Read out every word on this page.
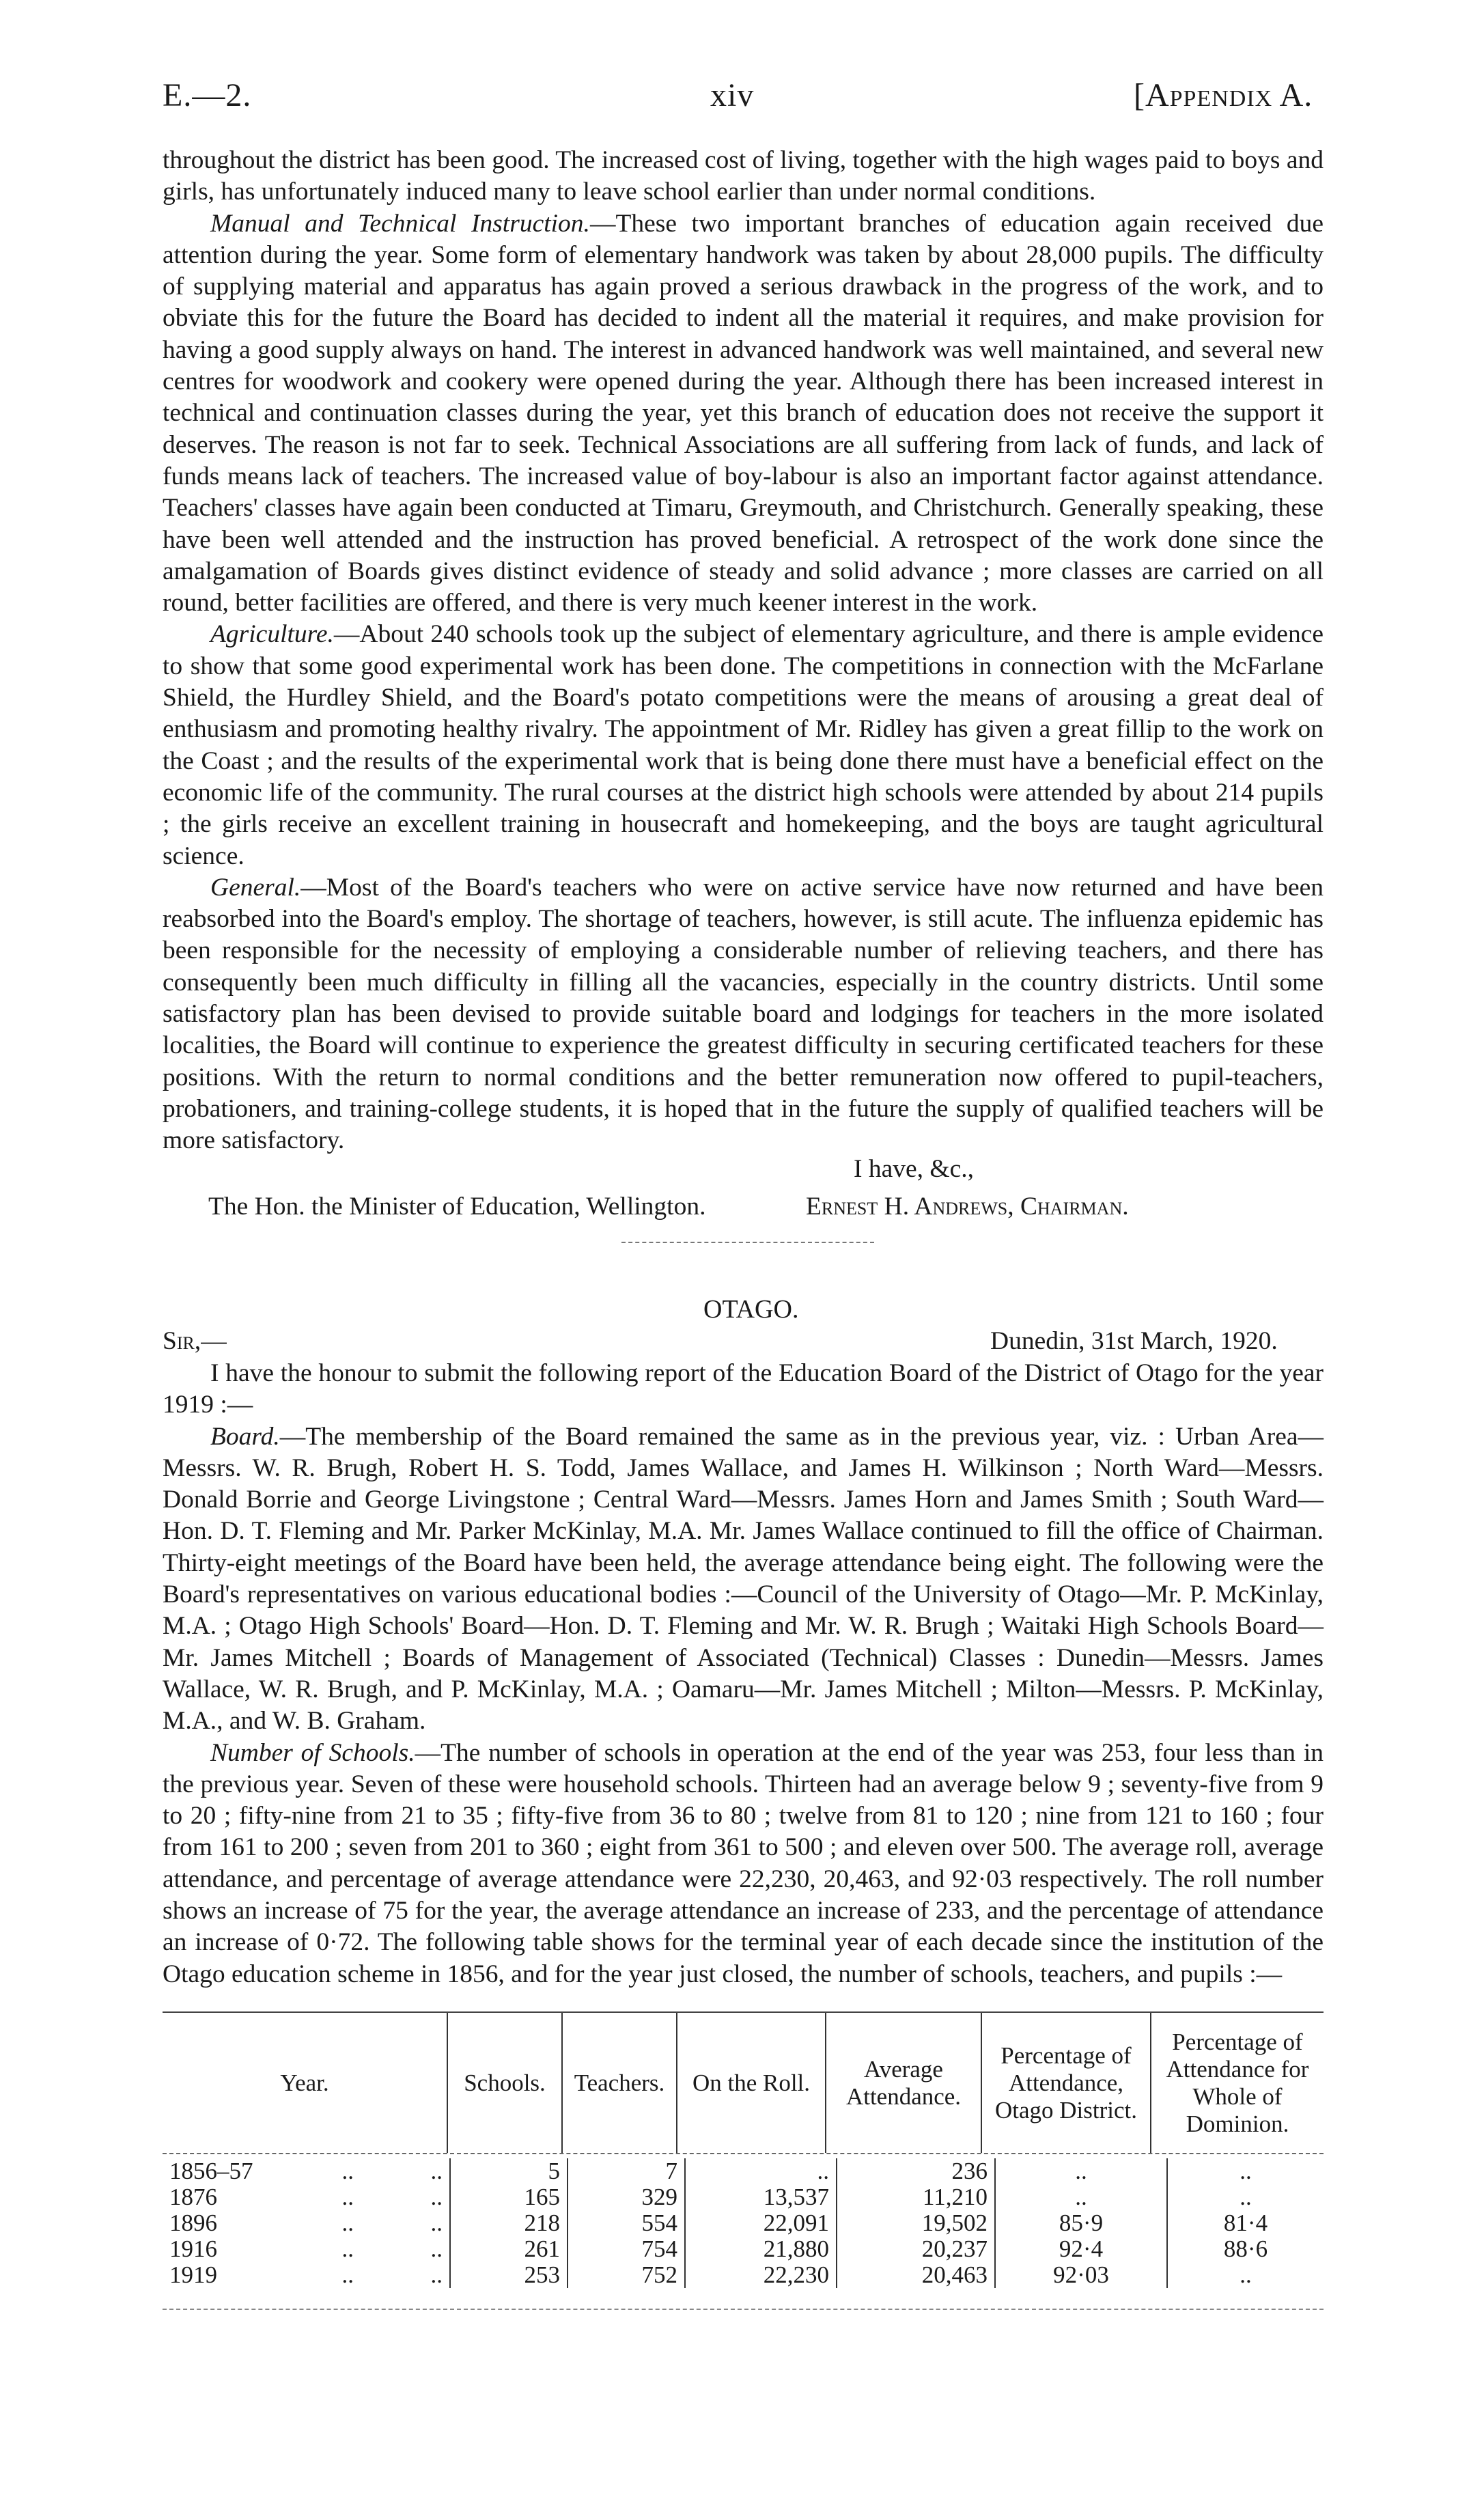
E.—2.	xiv	[Appendix A.

throughout the district has been good. The increased cost of living, together with the high wages paid to boys and girls, has unfortunately induced many to leave school earlier than under normal conditions.

Manual and Technical Instruction.—These two important branches of education again received due attention during the year. Some form of elementary handwork was taken by about 28,000 pupils. The difficulty of supplying material and apparatus has again proved a serious drawback in the progress of the work, and to obviate this for the future the Board has decided to indent all the material it requires, and make provision for having a good supply always on hand. The interest in advanced handwork was well maintained, and several new centres for woodwork and cookery were opened during the year. Although there has been increased interest in technical and continuation classes during the year, yet this branch of education does not receive the support it deserves. The reason is not far to seek. Technical Associations are all suffering from lack of funds, and lack of funds means lack of teachers. The increased value of boy-labour is also an important factor against attendance. Teachers' classes have again been conducted at Timaru, Greymouth, and Christchurch. Generally speaking, these have been well attended and the instruction has proved beneficial. A retrospect of the work done since the amalgamation of Boards gives distinct evidence of steady and solid advance ; more classes are carried on all round, better facilities are offered, and there is very much keener interest in the work.

Agriculture.—About 240 schools took up the subject of elementary agriculture, and there is ample evidence to show that some good experimental work has been done. The competitions in connection with the McFarlane Shield, the Hurdley Shield, and the Board's potato competitions were the means of arousing a great deal of enthusiasm and promoting healthy rivalry. The appointment of Mr. Ridley has given a great fillip to the work on the Coast ; and the results of the experimental work that is being done there must have a beneficial effect on the economic life of the community. The rural courses at the district high schools were attended by about 214 pupils ; the girls receive an excellent training in housecraft and homekeeping, and the boys are taught agricultural science.

General.—Most of the Board's teachers who were on active service have now returned and have been reabsorbed into the Board's employ. The shortage of teachers, however, is still acute. The influenza epidemic has been responsible for the necessity of employing a considerable number of relieving teachers, and there has consequently been much difficulty in filling all the vacancies, especially in the country districts. Until some satisfactory plan has been devised to provide suitable board and lodgings for teachers in the more isolated localities, the Board will continue to experience the greatest difficulty in securing certificated teachers for these positions. With the return to normal conditions and the better remuneration now offered to pupil-teachers, probationers, and training-college students, it is hoped that in the future the supply of qualified teachers will be more satisfactory.

I have, &c.,
The Hon. the Minister of Education, Wellington.	Ernest H. Andrews, Chairman.
OTAGO.
Sir,—	Dunedin, 31st March, 1920.

I have the honour to submit the following report of the Education Board of the District of Otago for the year 1919 :—

Board.—The membership of the Board remained the same as in the previous year, viz. : Urban Area—Messrs. W. R. Brugh, Robert H. S. Todd, James Wallace, and James H. Wilkinson ; North Ward—Messrs. Donald Borrie and George Livingstone ; Central Ward—Messrs. James Horn and James Smith ; South Ward—Hon. D. T. Fleming and Mr. Parker McKinlay, M.A. Mr. James Wallace continued to fill the office of Chairman. Thirty-eight meetings of the Board have been held, the average attendance being eight. The following were the Board's representatives on various educational bodies :—Council of the University of Otago—Mr. P. McKinlay, M.A. ; Otago High Schools' Board—Hon. D. T. Fleming and Mr. W. R. Brugh ; Waitaki High Schools Board—Mr. James Mitchell ; Boards of Management of Associated (Technical) Classes : Dunedin—Messrs. James Wallace, W. R. Brugh, and P. McKinlay, M.A. ; Oamaru—Mr. James Mitchell ; Milton—Messrs. P. McKinlay, M.A., and W. B. Graham.

Number of Schools.—The number of schools in operation at the end of the year was 253, four less than in the previous year. Seven of these were household schools. Thirteen had an average below 9 ; seventy-five from 9 to 20 ; fifty-nine from 21 to 35 ; fifty-five from 36 to 80 ; twelve from 81 to 120 ; nine from 121 to 160 ; four from 161 to 200 ; seven from 201 to 360 ; eight from 361 to 500 ; and eleven over 500. The average roll, average attendance, and percentage of average attendance were 22,230, 20,463, and 92·03 respectively. The roll number shows an increase of 75 for the year, the average attendance an increase of 233, and the percentage of attendance an increase of 0·72. The following table shows for the terminal year of each decade since the institution of the Otago education scheme in 1856, and for the year just closed, the number of schools, teachers, and pupils :—

Year.	Schools.	Teachers.	On the Roll.	Average Attendance.	Percentage of Attendance, Otago District.	Percentage of Attendance for Whole of Dominion.
1856–57 .. ..	5	7	..	236	..	..
1876 .. ..	165	329	13,537	11,210	..	..
1896 .. ..	218	554	22,091	19,502	85·9	81·4
1916 .. ..	261	754	21,880	20,237	92·4	88·6
1919 .. ..	253	752	22,230	20,463	92·03	..
